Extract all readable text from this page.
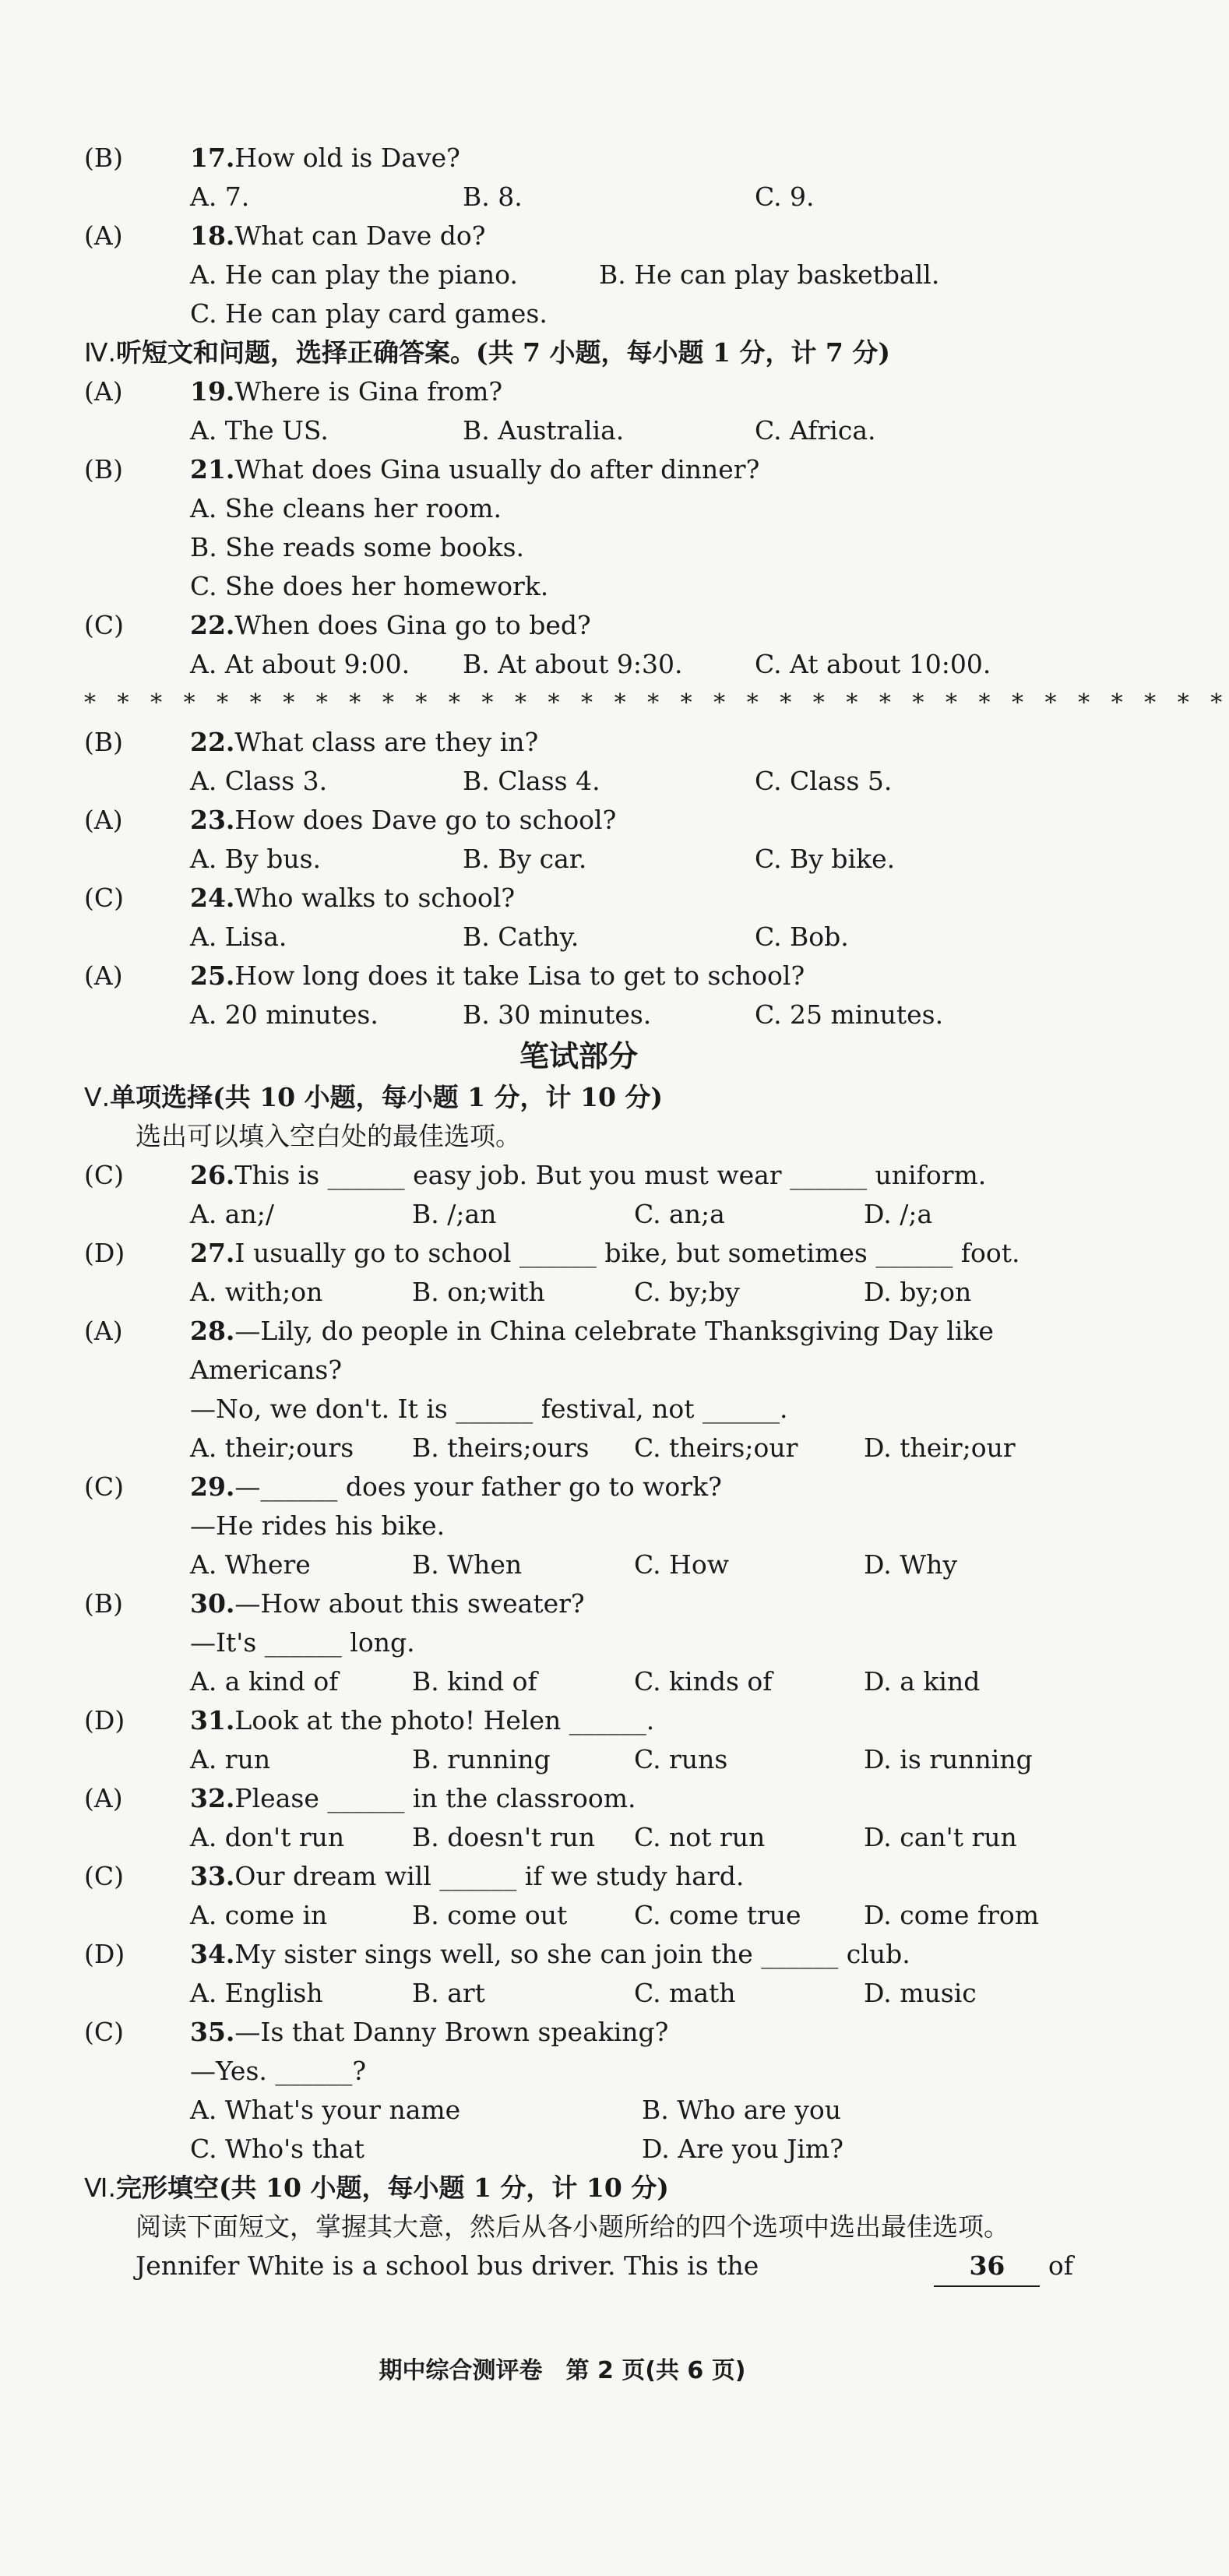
(B)	17. How old is Dave?
A. 7.	B. 8.	C. 9.
(A)	18. What can Dave do?
A. He can play the piano.	B. He can play basketball.
C. He can play card games.
Ⅳ.听短文和问题，选择正确答案。(共 7 小题，每小题 1 分，计 7 分)
(A)	19. Where is Gina from?
A. The US.	B. Australia.	C. Africa.
(B)	21. What does Gina usually do after dinner?
A. She cleans her room.
B. She reads some books.
C. She does her homework.
(C)	22. When does Gina go to bed?
A. At about 9:00.	B. At about 9:30.	C. At about 10:00.
* * * * * * * * * * * * * * * * * * * * * * * * * * * * * * * * * * *
(B)	22. What class are they in?
A. Class 3.	B. Class 4.	C. Class 5.
(A)	23. How does Dave go to school?
A. By bus.	B. By car.	C. By bike.
(C)	24. Who walks to school?
A. Lisa.	B. Cathy.	C. Bob.
(A)	25. How long does it take Lisa to get to school?
A. 20 minutes.	B. 30 minutes.	C. 25 minutes.
笔试部分
Ⅴ.单项选择(共 10 小题，每小题 1 分，计 10 分)
选出可以填入空白处的最佳选项。
(C)	26. This is ______ easy job. But you must wear ______ uniform.
A. an;/	B. /;an	C. an;a	D. /;a
(D)	27. I usually go to school ______ bike, but sometimes ______ foot.
A. with;on	B. on;with	C. by;by	D. by;on
(A)	28. —Lily, do people in China celebrate Thanksgiving Day like
Americans?
—No, we don't. It is ______ festival, not ______.
A. their;ours	B. theirs;ours	C. theirs;our	D. their;our
(C)	29. —______ does your father go to work?
—He rides his bike.
A. Where	B. When	C. How	D. Why
(B)	30. —How about this sweater?
—It's ______ long.
A. a kind of	B. kind of	C. kinds of	D. a kind
(D)	31. Look at the photo! Helen ______.
A. run	B. running	C. runs	D. is running
(A)	32. Please ______ in the classroom.
A. don't run	B. doesn't run	C. not run	D. can't run
(C)	33. Our dream will ______ if we study hard.
A. come in	B. come out	C. come true	D. come from
(D)	34. My sister sings well, so she can join the ______ club.
A. English	B. art	C. math	D. music
(C)	35. —Is that Danny Brown speaking?
—Yes. ______?
A. What's your name	B. Who are you
C. Who's that	D. Are you Jim?
Ⅵ.完形填空(共 10 小题，每小题 1 分，计 10 分)
阅读下面短文，掌握其大意，然后从各小题所给的四个选项中选出最佳选项。
Jennifer White is a school bus driver. This is the	36 of
期中综合测评卷　第 2 页(共 6 页)
